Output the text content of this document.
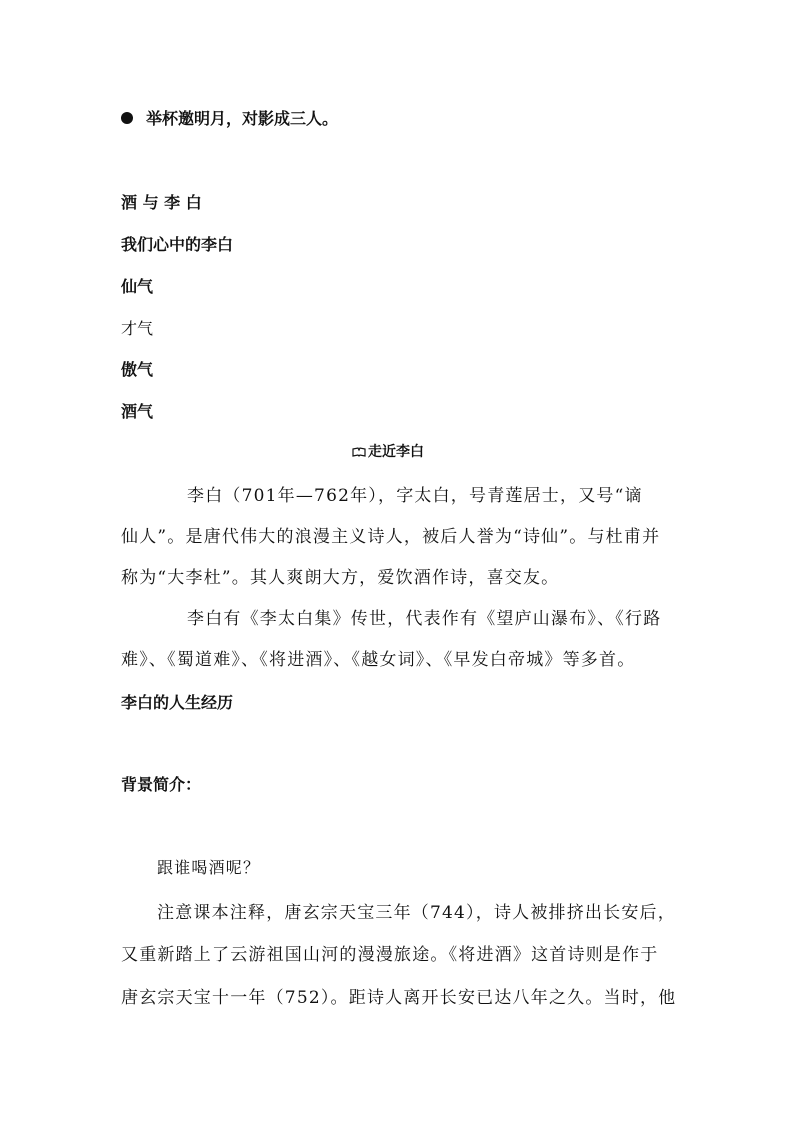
举杯邀明月，对影成三人。
酒 与 李 白
我们心中的李白
仙气
才气
傲气
酒气
走近李白
李白（701年—762年），字太白，号青莲居士，又号“谪
仙人”。是唐代伟大的浪漫主义诗人，被后人誉为“诗仙”。与杜甫并
称为“大李杜”。其人爽朗大方，爱饮酒作诗，喜交友。
李白有《李太白集》传世，代表作有《望庐山瀑布》、《行路
难》、《蜀道难》、《将进酒》、《越女词》、《早发白帝城》等多首。
李白的人生经历
背景简介：
跟谁喝酒呢？
注意课本注释，唐玄宗天宝三年（744），诗人被排挤出长安后，
又重新踏上了云游祖国山河的漫漫旅途。《将进酒》这首诗则是作于
唐玄宗天宝十一年（752）。距诗人离开长安已达八年之久。当时，他
